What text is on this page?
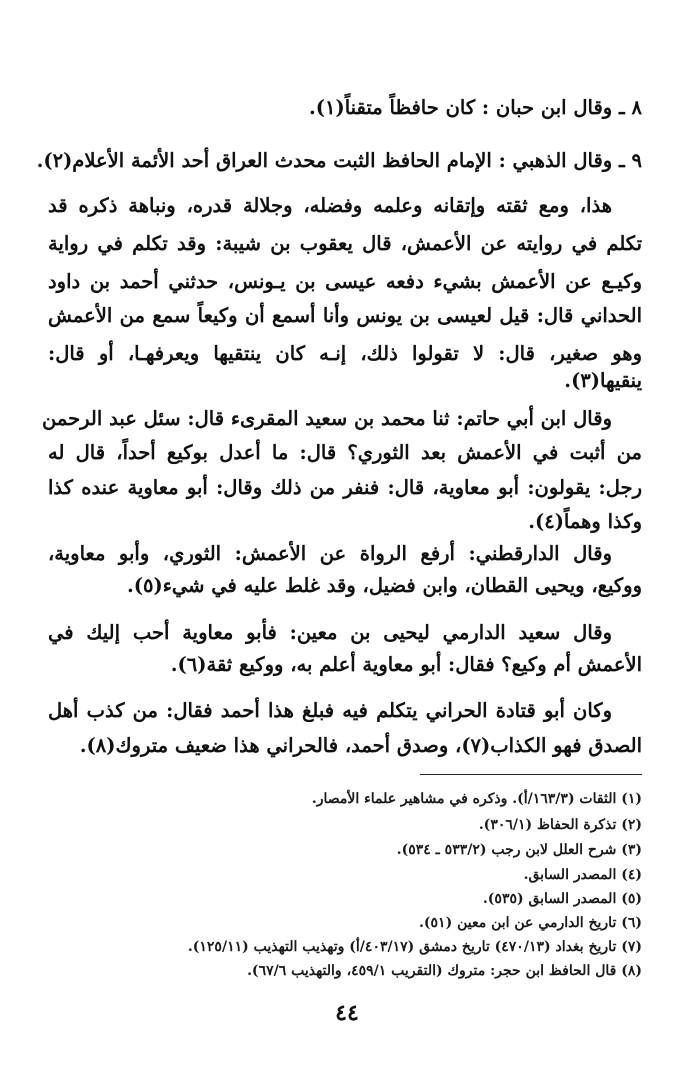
٨ ـ وقال ابن حبان : كان حافظاً متقناً(١).
٩ ـ وقال الذهبي : الإمام الحافظ الثبت محدث العراق أحد الأئمة الأعلام(٢).
هذا، ومع ثقته وإتقانه وعلمه وفضله، وجلالة قدره، ونباهة ذكره قد
تكلم في روايته عن الأعمش، قال يعقوب بن شيبة: وقد تكلم في رواية
وكيـع عن الأعمش بشيء دفعه عيسى بن يـونس، حدثني أحمد بن داود
الحداني قال: قيل لعيسى بن يونس وأنا أسمع أن وكيعاً سمع من الأعمش
وهو صغير، قال: لا تقولوا ذلك، إنـه كان ينتقيها ويعرفهـا، أو قال:
ينقيها(٣).
وقال ابن أبي حاتم: ثنا محمد بن سعيد المقرىء قال: سئل عبد الرحمن
من أثبت في الأعمش بعد الثوري؟ قال: ما أعدل بوكيع أحداً، قال له
رجل: يقولون: أبو معاوية، قال: فنفر من ذلك وقال: أبو معاوية عنده كذا
وكذا وهماً(٤).
وقال الدارقطني: أرفع الرواة عن الأعمش: الثوري، وأبو معاوية،
ووكيع، ويحيى القطان، وابن فضيل، وقد غلط عليه في شيء(٥).
وقال سعيد الدارمي ليحيى بن معين: فأبو معاوية أحب إليك في
الأعمش أم وكيع؟ فقال: أبو معاوية أعلم به، ووكيع ثقة(٦).
وكان أبو قتادة الحراني يتكلم فيه فبلغ هذا أحمد فقال: من كذب أهل
الصدق فهو الكذاب(٧)، وصدق أحمد، فالحراني هذا ضعيف متروك(٨).
(١) الثقات (١٦٣/٣/أ). وذكره في مشاهير علماء الأمصار.
(٢) تذكرة الحفاظ (٣٠٦/١).
(٣) شرح العلل لابن رجب (٥٣٣/٢ ـ ٥٣٤).
(٤) المصدر السابق.
(٥) المصدر السابق (٥٣٥).
(٦) تاريخ الدارمي عن ابن معين (٥١).
(٧) تاريخ بغداد (٤٧٠/١٣) تاريخ دمشق (٤٠٣/١٧/أ) وتهذيب التهذيب (١٢٥/١١).
(٨) قال الحافظ ابن حجر: متروك (التقريب ٤٥٩/١، والتهذيب ٦٧/٦).
٤٤
